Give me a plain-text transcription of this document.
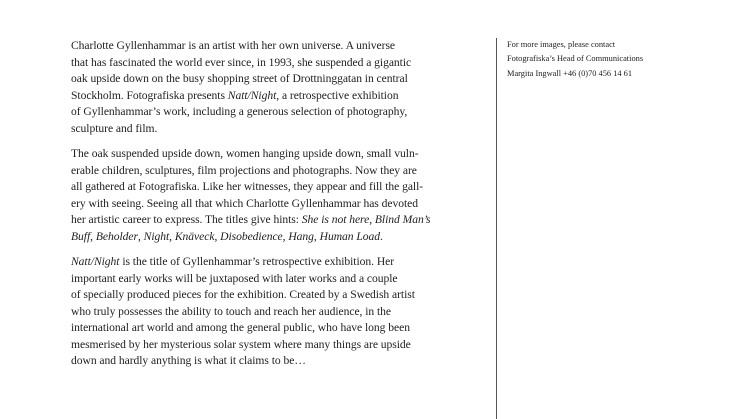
Charlotte Gyllenhammar is an artist with her own universe. A universe
that has fascinated the world ever since, in 1993, she suspended a gigantic
oak upside down on the busy shopping street of Drottninggatan in central
Stockholm. Fotografiska presents Natt/Night, a retrospective exhibition
of Gyllenhammar’s work, including a generous selection of photography,
sculpture and film.

The oak suspended upside down, women hanging upside down, small vuln-
erable children, sculptures, film projections and photographs. Now they are
all gathered at Fotografiska. Like her witnesses, they appear and fill the gall-
ery with seeing. Seeing all that which Charlotte Gyllenhammar has devoted
her artistic career to express. The titles give hints: She is not here, Blind Man’s
Buff, Beholder, Night, Knäveck, Disobedience, Hang, Human Load.

Natt/Night is the title of Gyllenhammar’s retrospective exhibition. Her
important early works will be juxtaposed with later works and a couple
of specially produced pieces for the exhibition. Created by a Swedish artist
who truly possesses the ability to touch and reach her audience, in the
international art world and among the general public, who have long been
mesmerised by her mysterious solar system where many things are upside
down and hardly anything is what it claims to be…

For more images, please contact
Fotografiska’s Head of Communications
Margita Ingwall +46 (0)70 456 14 61
